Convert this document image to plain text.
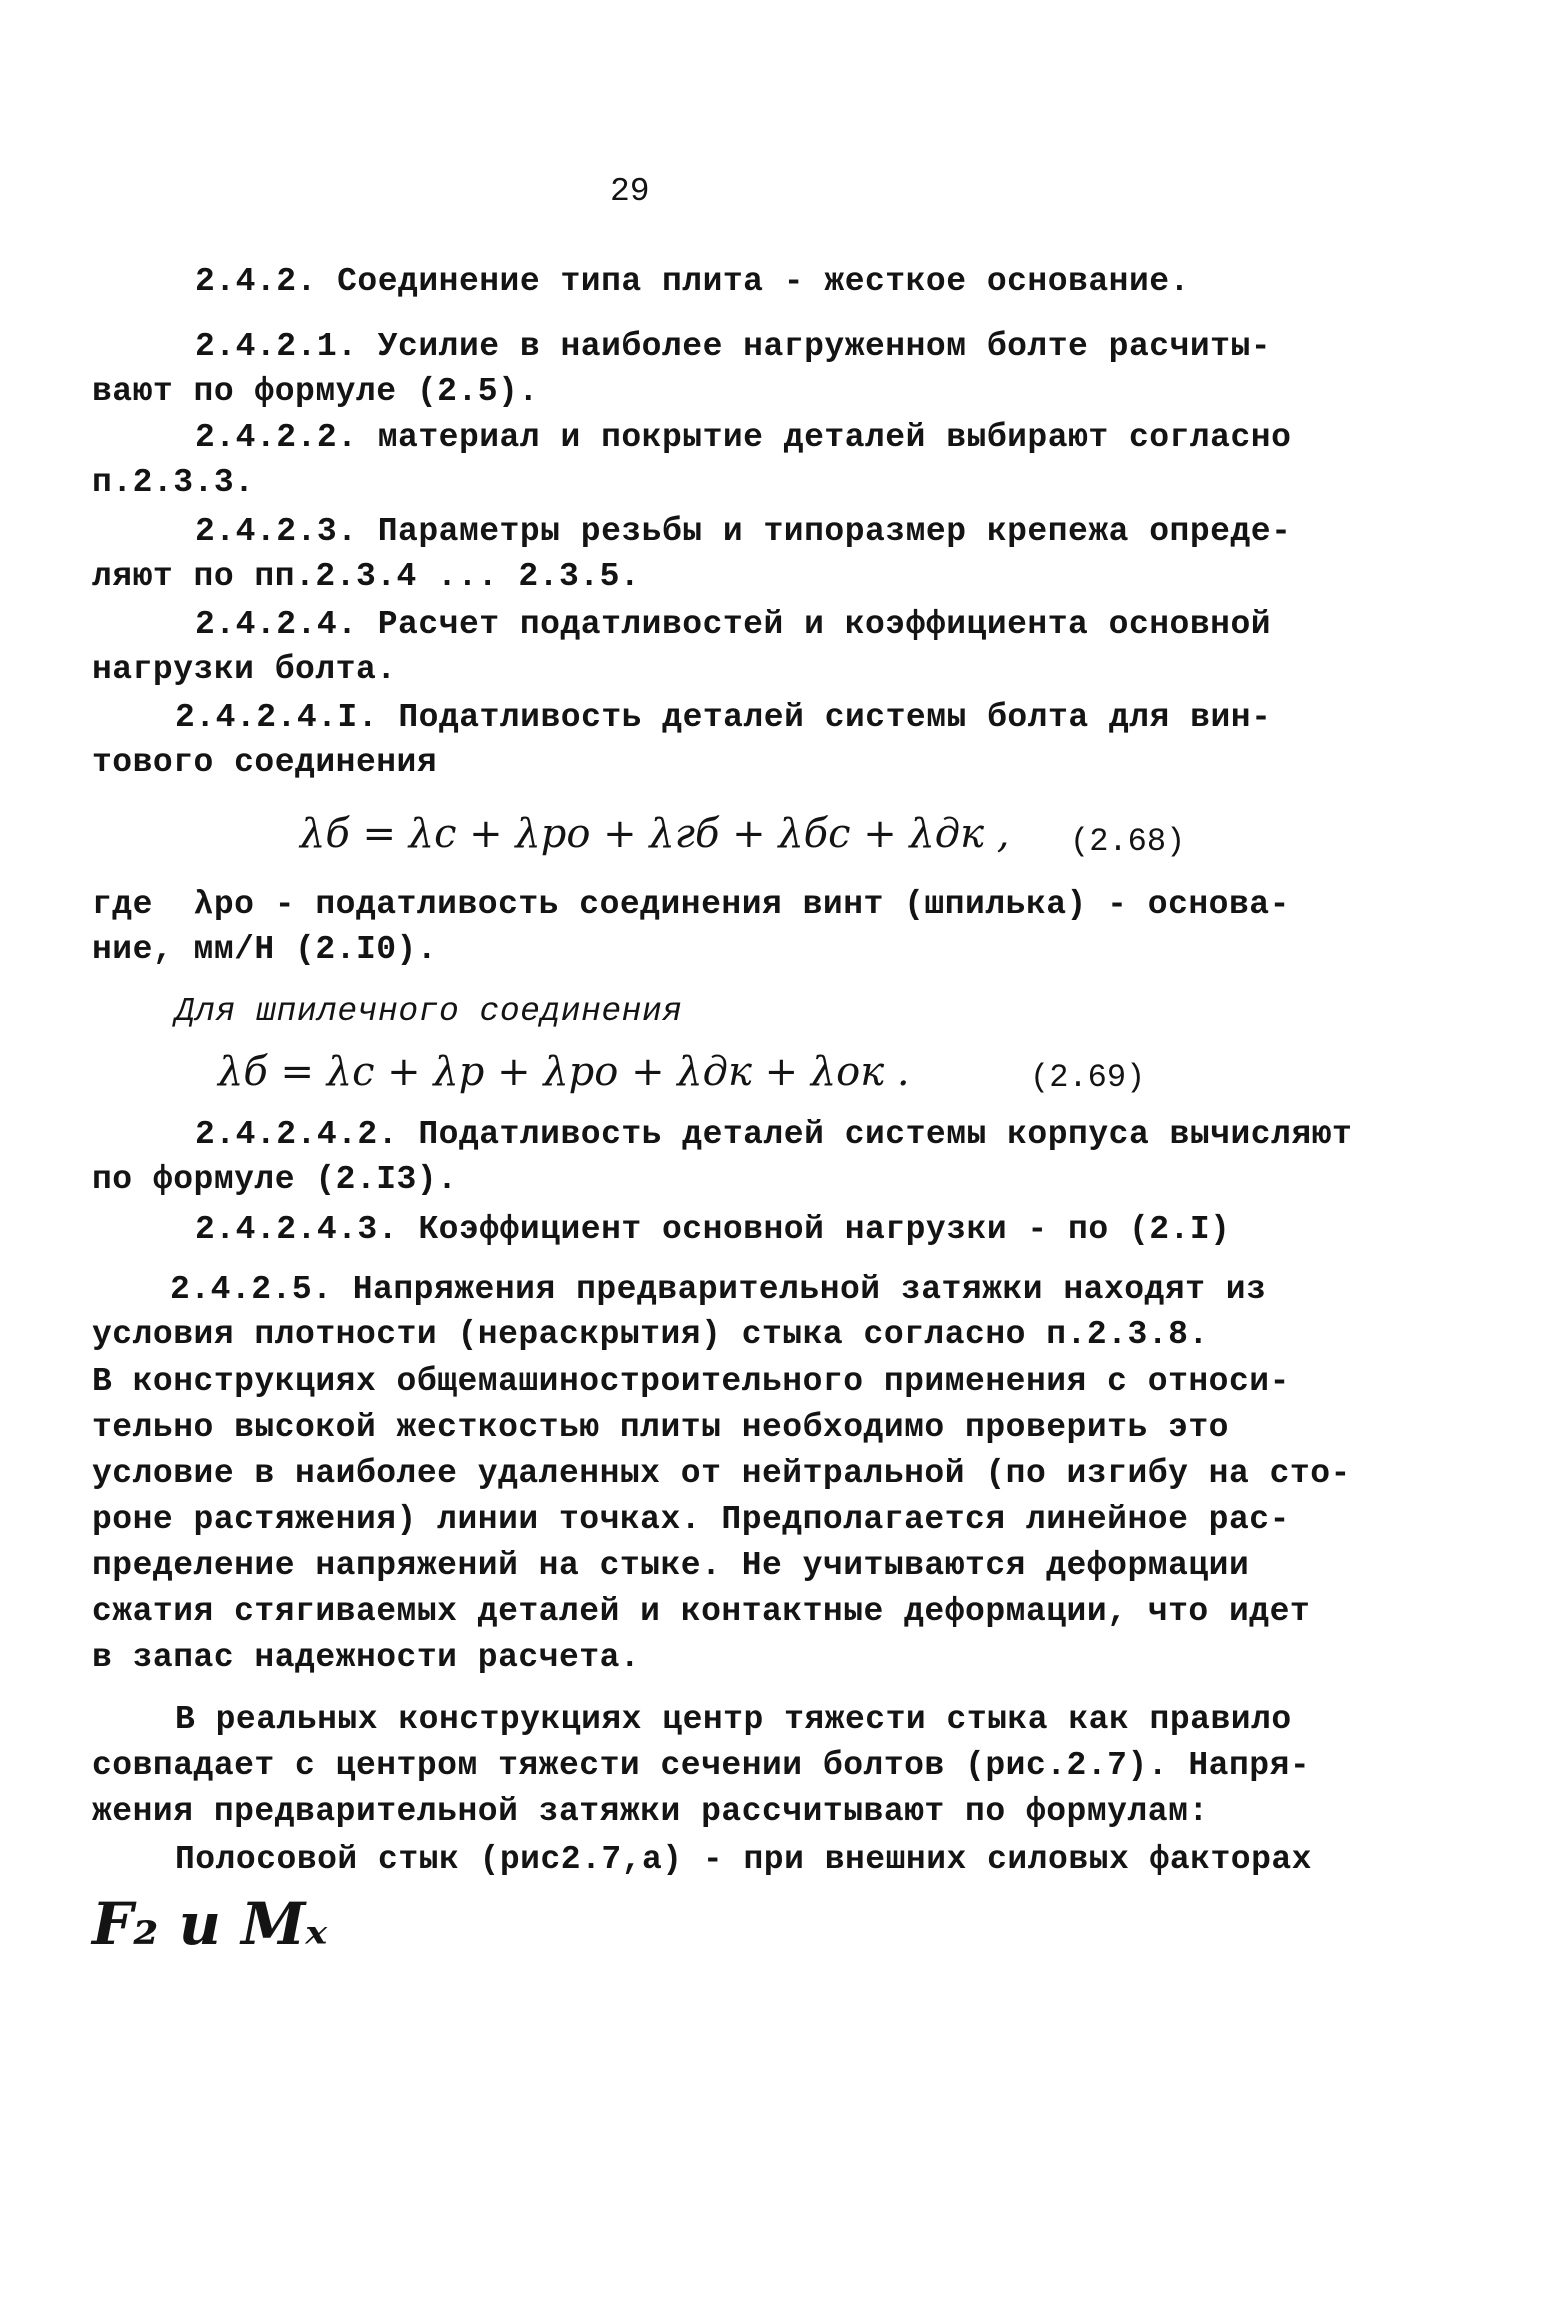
29
2.4.2. Соединение типа плита - жесткое основание.
2.4.2.1. Усилие в наиболее нагруженном болте расчиты-
вают по формуле (2.5).
2.4.2.2. материал и покрытие деталей выбирают согласно
п.2.3.3.
2.4.2.3. Параметры резьбы и типоразмер крепежа опреде-
ляют по пп.2.3.4 ... 2.3.5.
2.4.2.4. Расчет податливостей и коэффициента основной
нагрузки болта.
2.4.2.4.I. Податливость деталей системы болта для вин-
тового соединения
λб = λс + λро + λгб + λбс + λдк , (2.68)
где  λро - податливость соединения винт (шпилька) - основа-
ние, мм/Н (2.I0).
Для шпилечного соединения
λб = λс + λр + λро + λдк + λок .	(2.69)
2.4.2.4.2. Податливость деталей системы корпуса вычисляют
по формуле (2.I3).
2.4.2.4.3. Коэффициент основной нагрузки - по (2.I)
2.4.2.5. Напряжения предварительной затяжки находят из
условия плотности (нераскрытия) стыка согласно п.2.3.8.
В конструкциях общемашиностроительного применения с относи-
тельно высокой жесткостью плиты необходимо проверить это
условие в наиболее удаленных от нейтральной (по изгибу на сто-
роне растяжения) линии точках. Предполагается линейное рас-
пределение напряжений на стыке. Не учитываются деформации
сжатия стягиваемых деталей и контактные деформации, что идет
в запас надежности расчета.
В реальных конструкциях центр тяжести стыка как правило
совпадает с центром тяжести сечении болтов (рис.2.7). Напря-
жения предварительной затяжки рассчитывают по формулам:
Полосовой стык (рис2.7,а) - при внешних силовых факторах
F₂ и Mₓ
